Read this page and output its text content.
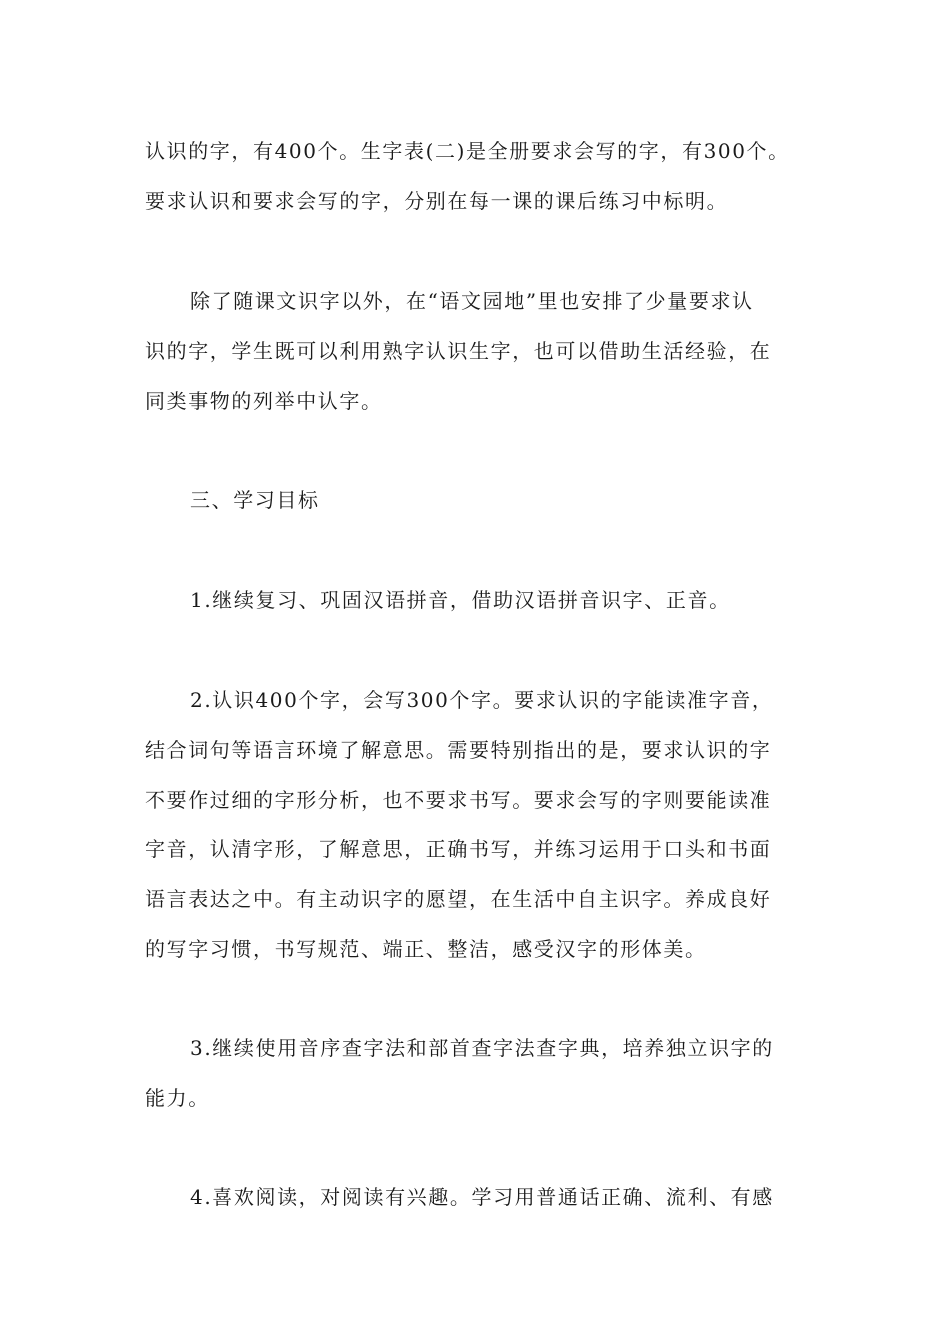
认识的字，有400个。生字表(二)是全册要求会写的字，有300个。
要求认识和要求会写的字，分别在每一课的课后练习中标明。
除了随课文识字以外，在“语文园地”里也安排了少量要求认
识的字，学生既可以利用熟字认识生字，也可以借助生活经验，在
同类事物的列举中认字。
三、学习目标
1.继续复习、巩固汉语拼音，借助汉语拼音识字、正音。
2.认识400个字，会写300个字。要求认识的字能读准字音，
结合词句等语言环境了解意思。需要特别指出的是，要求认识的字
不要作过细的字形分析，也不要求书写。要求会写的字则要能读准
字音，认清字形，了解意思，正确书写，并练习运用于口头和书面
语言表达之中。有主动识字的愿望，在生活中自主识字。养成良好
的写字习惯，书写规范、端正、整洁，感受汉字的形体美。
3.继续使用音序查字法和部首查字法查字典，培养独立识字的
能力。
4.喜欢阅读，对阅读有兴趣。学习用普通话正确、流利、有感
